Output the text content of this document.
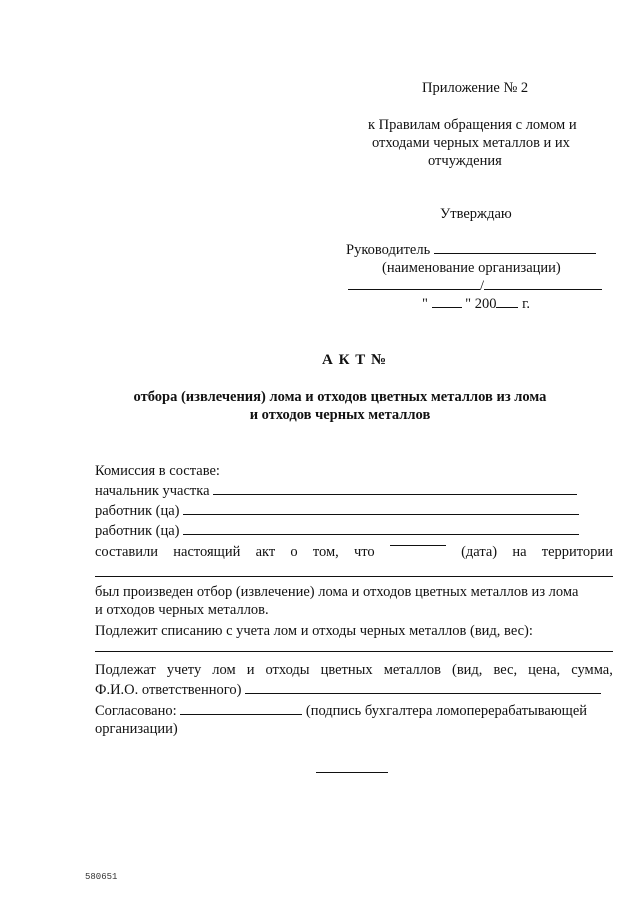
Приложение № 2
к Правилам обращения с ломом и
отходами черных металлов и их
отчуждения
Утверждаю
Руководитель
(наименование организации)
/
"	" 200 г.
А К Т №
отбора (извлечения) лома и отходов цветных металлов из лома
и отходов черных металлов
Комиссия в составе:
начальник участка
работник (ца)
работник (ца)
составили настоящий акт о том, что	(дата) на территории
был произведен отбор (извлечение) лома и отходов цветных металлов из лома
и отходов черных металлов.
Подлежит списанию с учета лом и отходы черных металлов (вид, вес):
Подлежат учету лом и отходы цветных металлов (вид, вес, цена, сумма,
Ф.И.О. ответственного)
Согласовано:	(подпись бухгалтера ломоперерабатывающей
организации)
580651
